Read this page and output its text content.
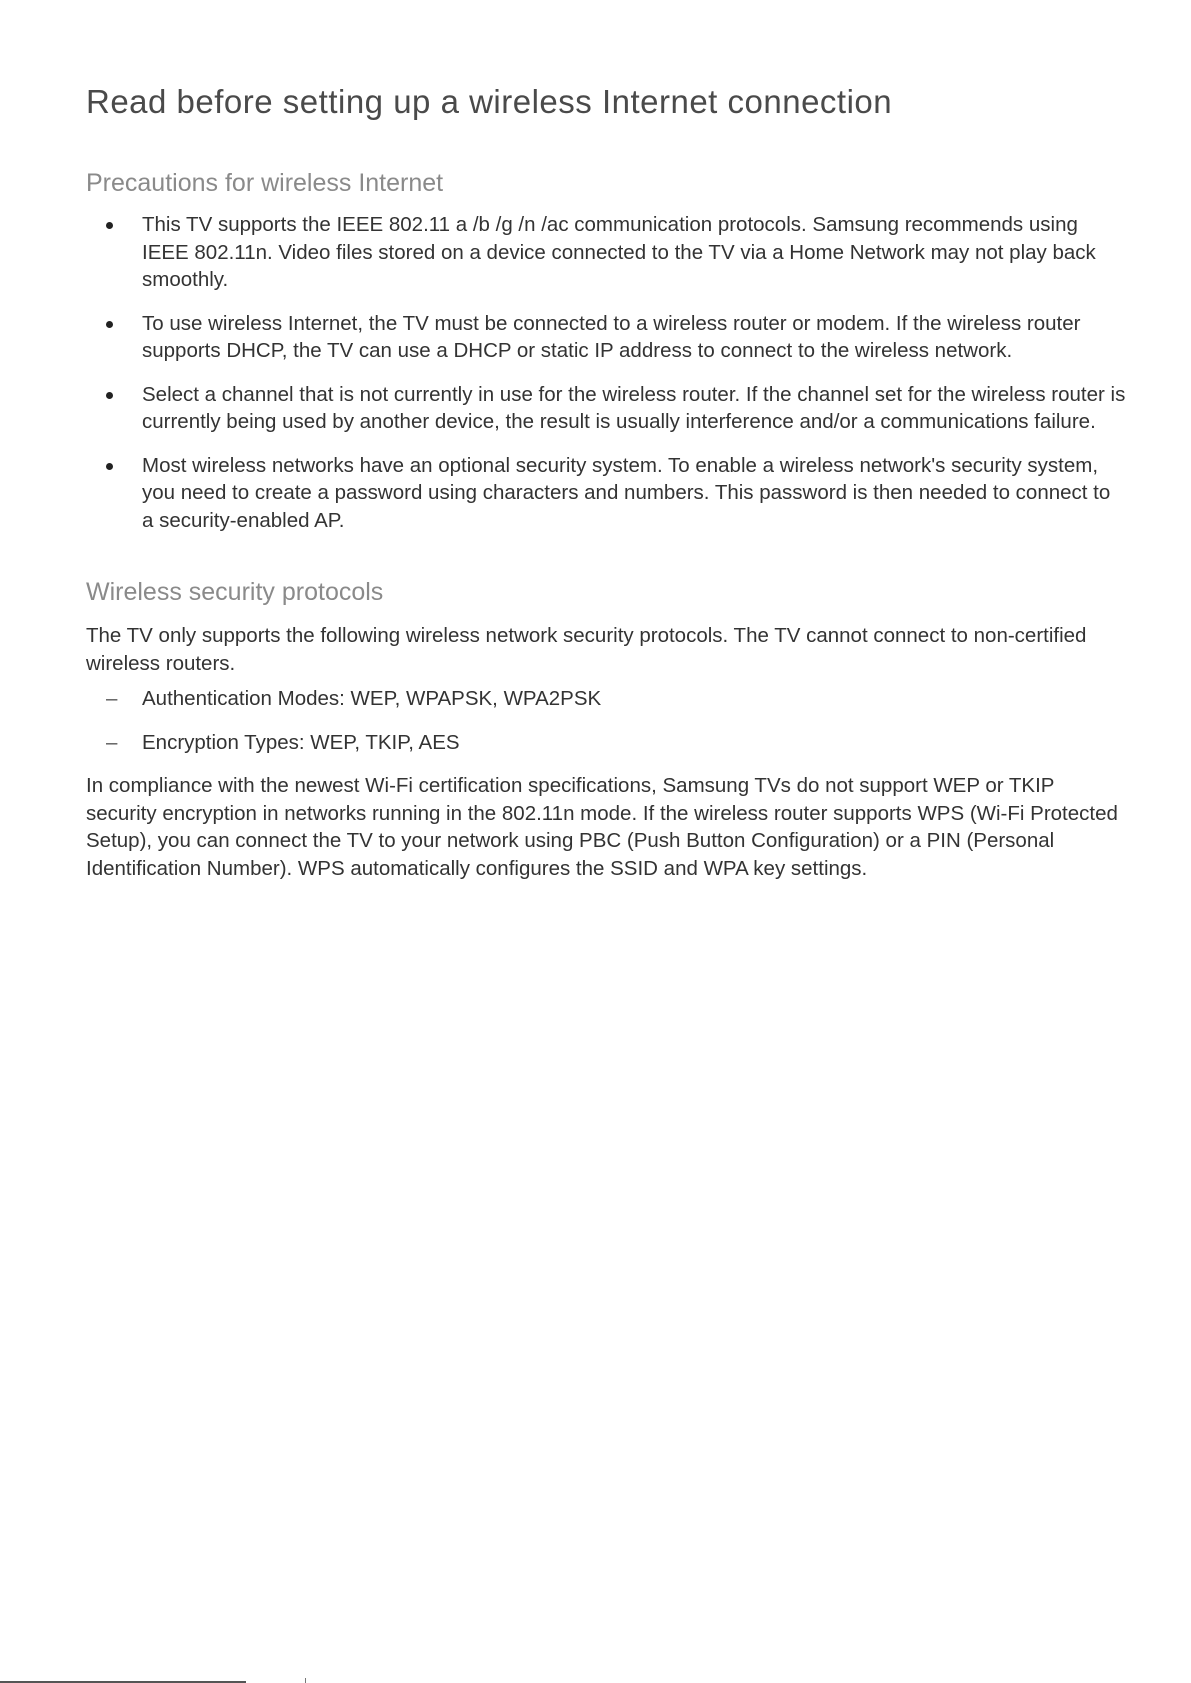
Read before setting up a wireless Internet connection
Precautions for wireless Internet
This TV supports the IEEE 802.11 a /b /g /n /ac communication protocols. Samsung recommends using IEEE 802.11n. Video files stored on a device connected to the TV via a Home Network may not play back smoothly.
To use wireless Internet, the TV must be connected to a wireless router or modem. If the wireless router supports DHCP, the TV can use a DHCP or static IP address to connect to the wireless network.
Select a channel that is not currently in use for the wireless router. If the channel set for the wireless router is currently being used by another device, the result is usually interference and/or a communications failure.
Most wireless networks have an optional security system. To enable a wireless network's security system, you need to create a password using characters and numbers. This password is then needed to connect to a security-enabled AP.
Wireless security protocols

The TV only supports the following wireless network security protocols. The TV cannot connect to non-certified wireless routers.

– Authentication Modes: WEP, WPAPSK, WPA2PSK
– Encryption Types: WEP, TKIP, AES

In compliance with the newest Wi-Fi certification specifications, Samsung TVs do not support WEP or TKIP security encryption in networks running in the 802.11n mode. If the wireless router supports WPS (Wi-Fi Protected Setup), you can connect the TV to your network using PBC (Push Button Configuration) or a PIN (Personal Identification Number). WPS automatically configures the SSID and WPA key settings.
